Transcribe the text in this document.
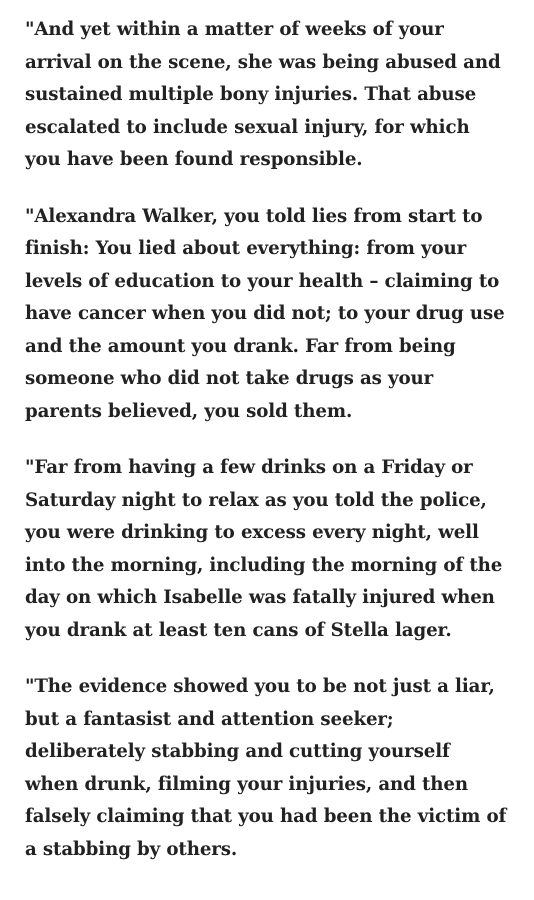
"And yet within a matter of weeks of your
arrival on the scene, she was being abused and
sustained multiple bony injuries. That abuse
escalated to include sexual injury, for which
you have been found responsible.

"Alexandra Walker, you told lies from start to
finish: You lied about everything: from your
levels of education to your health – claiming to
have cancer when you did not; to your drug use
and the amount you drank. Far from being
someone who did not take drugs as your
parents believed, you sold them.

"Far from having a few drinks on a Friday or
Saturday night to relax as you told the police,
you were drinking to excess every night, well
into the morning, including the morning of the
day on which Isabelle was fatally injured when
you drank at least ten cans of Stella lager.

"The evidence showed you to be not just a liar,
but a fantasist and attention seeker;
deliberately stabbing and cutting yourself
when drunk, filming your injuries, and then
falsely claiming that you had been the victim of
a stabbing by others.
